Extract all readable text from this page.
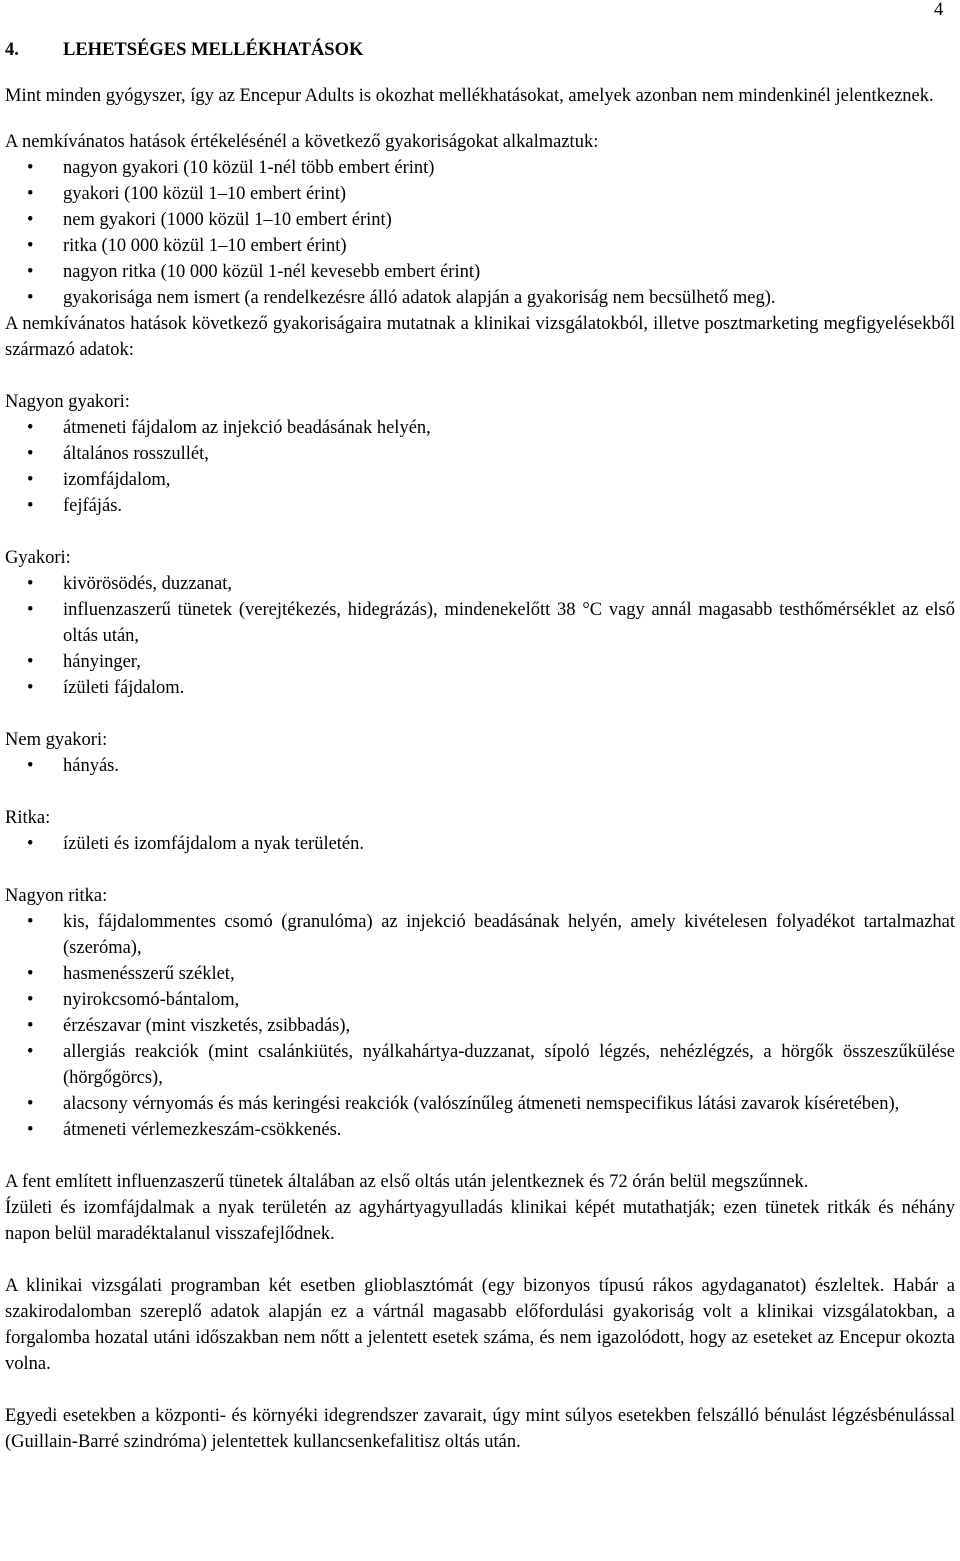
4
4. LEHETSÉGES MELLÉKHATÁSOK

Mint minden gyógyszer, így az Encepur Adults is okozhat mellékhatásokat, amelyek azonban nem mindenkinél jelentkeznek.

A nemkívánatos hatások értékelésénél a következő gyakoriságokat alkalmaztuk:

• nagyon gyakori (10 közül 1-nél több embert érint)
• gyakori (100 közül 1–10 embert érint)
• nem gyakori (1000 közül 1–10 embert érint)
• ritka (10 000 közül 1–10 embert érint)
• nagyon ritka (10 000 közül 1-nél kevesebb embert érint)
• gyakorisága nem ismert (a rendelkezésre álló adatok alapján a gyakoriság nem becsülhető meg).

A nemkívánatos hatások következő gyakoriságaira mutatnak a klinikai vizsgálatokból, illetve posztmarketing megfigyelésekből származó adatok:

Nagyon gyakori:

• átmeneti fájdalom az injekció beadásának helyén,
• általános rosszullét,
• izomfájdalom,
• fejfájás.

Gyakori:

• kivörösödés, duzzanat,
• influenzaszerű tünetek (verejtékezés, hidegrázás), mindenekelőtt 38 °C vagy annál magasabb testhőmérséklet az első oltás után,
• hányinger,
• ízületi fájdalom.

Nem gyakori:

• hányás.

Ritka:

• ízületi és izomfájdalom a nyak területén.

Nagyon ritka:

• kis, fájdalommentes csomó (granulóma) az injekció beadásának helyén, amely kivételesen folyadékot tartalmazhat (szeróma),
• hasmenésszerű széklet,
• nyirokcsomó-bántalom,
• érzészavar (mint viszketés, zsibbadás),
• allergiás reakciók (mint csalánkiütés, nyálkahártya-duzzanat, sípoló légzés, nehézlégzés, a hörgők összeszűkülése (hörgőgörcs),
• alacsony vérnyomás és más keringési reakciók (valószínűleg átmeneti nemspecifikus látási zavarok kíséretében),
• átmeneti vérlemezkeszám-csökkenés.

A fent említett influenzaszerű tünetek általában az első oltás után jelentkeznek és 72 órán belül megszűnnek.

Ízületi és izomfájdalmak a nyak területén az agyhártyagyulladás klinikai képét mutathatják; ezen tünetek ritkák és néhány napon belül maradéktalanul visszafejlődnek.

A klinikai vizsgálati programban két esetben glioblasztómát (egy bizonyos típusú rákos agydaganatot) észleltek. Habár a szakirodalomban szereplő adatok alapján ez a vártnál magasabb előfordulási gyakoriság volt a klinikai vizsgálatokban, a forgalomba hozatal utáni időszakban nem nőtt a jelentett esetek száma, és nem igazolódott, hogy az eseteket az Encepur okozta volna.

Egyedi esetekben a központi- és környéki idegrendszer zavarait, úgy mint súlyos esetekben felszálló bénulást légzésbénulással (Guillain-Barré szindróma) jelentettek kullancsenkefalitisz oltás után.
